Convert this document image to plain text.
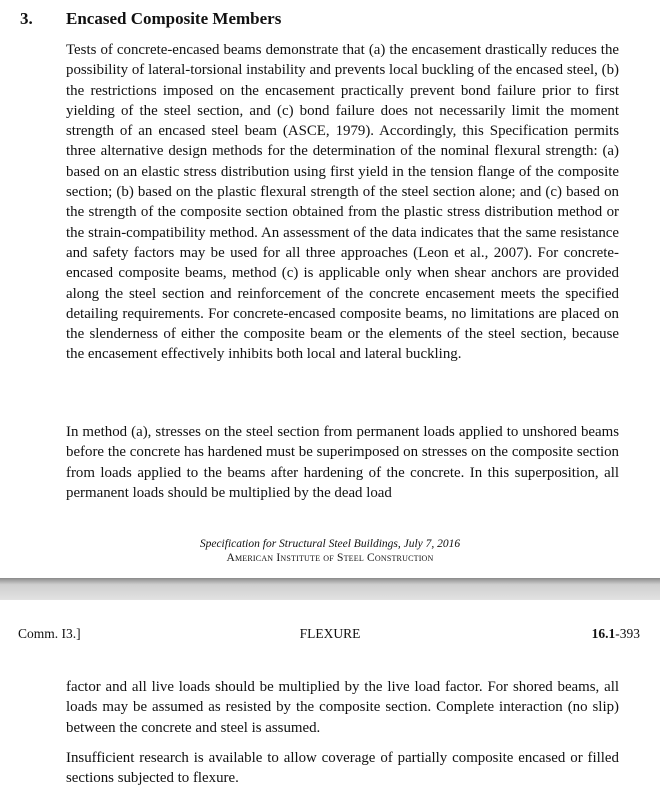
3. Encased Composite Members

Tests of concrete-encased beams demonstrate that (a) the encasement drastically reduces the possibility of lateral-torsional instability and prevents local buckling of the encased steel, (b) the restrictions imposed on the encasement practically prevent bond failure prior to first yielding of the steel section, and (c) bond failure does not necessarily limit the moment strength of an encased steel beam (ASCE, 1979). Accordingly, this Specification permits three alternative design methods for the determination of the nominal flexural strength: (a) based on an elastic stress distribution using first yield in the tension flange of the composite section; (b) based on the plastic flexural strength of the steel section alone; and (c) based on the strength of the composite section obtained from the plastic stress distribution method or the strain-compatibility method. An assessment of the data indicates that the same resistance and safety factors may be used for all three approaches (Leon et al., 2007). For concrete-encased composite beams, method (c) is applicable only when shear anchors are provided along the steel section and reinforcement of the concrete encasement meets the specified detailing requirements. For concrete-encased composite beams, no limitations are placed on the slenderness of either the composite beam or the elements of the steel section, because the encasement effectively inhibits both local and lateral buckling.

In method (a), stresses on the steel section from permanent loads applied to unshored beams before the concrete has hardened must be superimposed on stresses on the composite section from loads applied to the beams after hardening of the concrete. In this superposition, all permanent loads should be multiplied by the dead load

Specification for Structural Steel Buildings, July 7, 2016
American Institute of Steel Construction
Comm. I3.]	FLEXURE	16.1-393

factor and all live loads should be multiplied by the live load factor. For shored beams, all loads may be assumed as resisted by the composite section. Complete interaction (no slip) between the concrete and steel is assumed.

Insufficient research is available to allow coverage of partially composite encased or filled sections subjected to flexure.
